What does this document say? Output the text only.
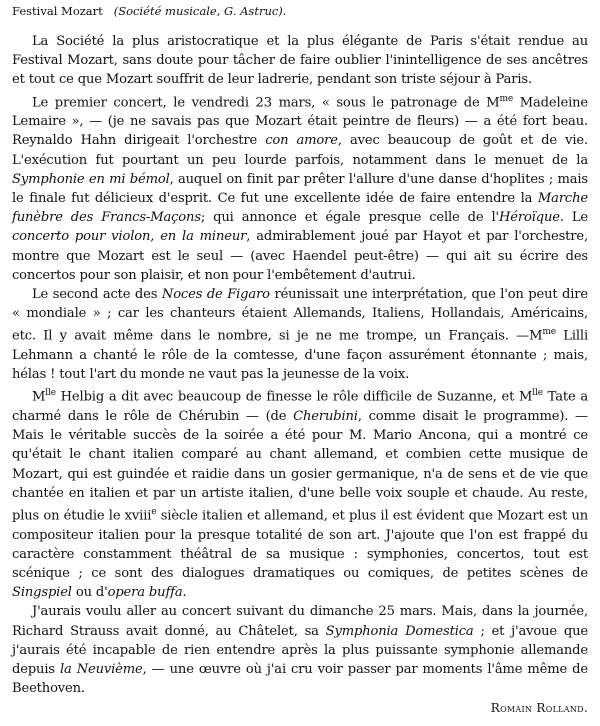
Festival Mozart (Société musicale, G. Astruc).

La Société la plus aristocratique et la plus élégante de Paris s'était rendue au Festival Mozart, sans doute pour tâcher de faire oublier l'inintelligence de ses ancêtres et tout ce que Mozart souffrit de leur ladrerie, pendant son triste séjour à Paris.

Le premier concert, le vendredi 23 mars, « sous le patronage de $M^{me}$ Madeleine Lemaire », — (je ne savais pas que Mozart était peintre de fleurs) — a été fort beau. Reynaldo Hahn dirigeait l'orchestre con amore, avec beaucoup de goût et de vie. L'exécution fut pourtant un peu lourde parfois, notamment dans le menuet de la Symphonie en mi bémol, auquel on finit par prêter l'allure d'une danse d'hoplites ; mais le finale fut délicieux d'esprit. Ce fut une excellente idée de faire entendre la Marche funèbre des Francs-Maçons; qui annonce et égale presque celle de l'Héroïque. Le concerto pour violon, en la mineur, admirablement joué par Hayot et par l'orchestre, montre que Mozart est le seul — (avec Haendel peut-être) — qui ait su écrire des concertos pour son plaisir, et non pour l'embêtement d'autrui.

Le second acte des Noces de Figaro réunissait une interprétation, que l'on peut dire « mondiale » ; car les chanteurs étaient Allemands, Italiens, Hollandais, Américains, etc. Il y avait même dans le nombre, si je ne me trompe, un Français. $—M^{me}$ Lilli Lehmann a chanté le rôle de la comtesse, d'une façon assurément étonnante ; mais, hélas ! tout l'art du monde ne vaut pas la jeunesse de la voix.

$M^{lle}$ Helbig a dit avec beaucoup de finesse le rôle difficile de Suzanne, et $M^{lle}$ Tate a charmé dans le rôle de Chérubin — (de Cherubini, comme disait le programme). — Mais le véritable succès de la soirée a été pour M. Mario Ancona, qui a montré ce qu'était le chant italien comparé au chant allemand, et combien cette musique de Mozart, qui est guindée et raidie dans un gosier germanique, n'a de sens et de vie que chantée en italien et par un artiste italien, d'une belle voix souple et chaude. Au reste, plus on étudie le xviii$^e$ siècle italien et allemand, et plus il est évident que Mozart est un compositeur italien pour la presque totalité de son art. J'ajoute que l'on est frappé du caractère constamment théâtral de sa musique : symphonies, concertos, tout est scénique ; ce sont des dialogues dramatiques ou comiques, de petites scènes de Singspiel ou d'opera buffa.

J'aurais voulu aller au concert suivant du dimanche 25 mars. Mais, dans la journée, Richard Strauss avait donné, au Châtelet, sa Symphonia Domestica ; et j'avoue que j'aurais été incapable de rien entendre après la plus puissante symphonie allemande depuis la Neuvième, — une œuvre où j'ai cru voir passer par moments l'âme même de Beethoven.

Romain Rolland.
